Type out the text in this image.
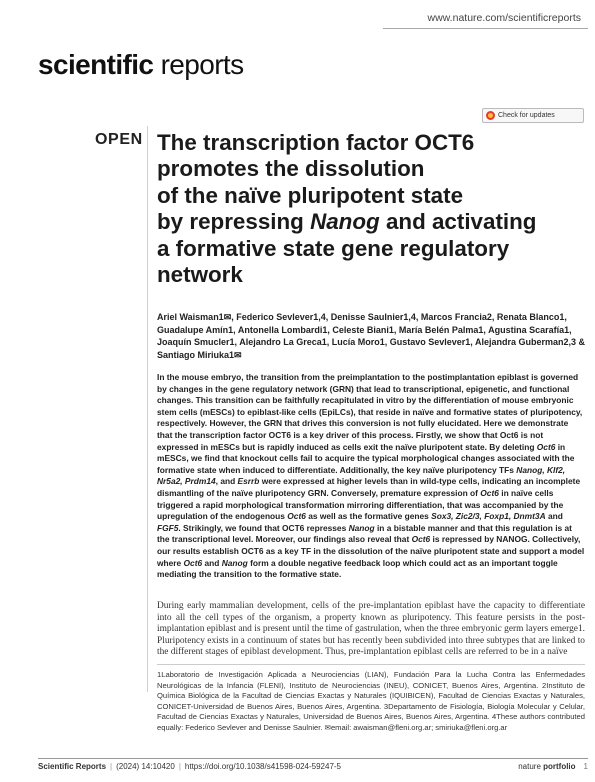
www.nature.com/scientificreports
scientific reports
Check for updates
OPEN The transcription factor OCT6
promotes the dissolution
of the naïve pluripotent state
by repressing Nanog and activating
a formative state gene regulatory
network
Ariel Waisman1✉, Federico Sevlever1,4, Denisse Saulnier1,4, Marcos Francia2, Renata Blanco1, Guadalupe Amín1, Antonella Lombardi1, Celeste Biani1, María Belén Palma1, Agustina Scarafía1, Joaquín Smucler1, Alejandro La Greca1, Lucía Moro1, Gustavo Sevlever1, Alejandra Guberman2,3 & Santiago Miriuka1✉
In the mouse embryo, the transition from the preimplantation to the postimplantation epiblast is governed by changes in the gene regulatory network (GRN) that lead to transcriptional, epigenetic, and functional changes. This transition can be faithfully recapitulated in vitro by the differentiation of mouse embryonic stem cells (mESCs) to epiblast-like cells (EpiLCs), that reside in naïve and formative states of pluripotency, respectively. However, the GRN that drives this conversion is not fully elucidated. Here we demonstrate that the transcription factor OCT6 is a key driver of this process. Firstly, we show that Oct6 is not expressed in mESCs but is rapidly induced as cells exit the naïve pluripotent state. By deleting Oct6 in mESCs, we find that knockout cells fail to acquire the typical morphological changes associated with the formative state when induced to differentiate. Additionally, the key naïve pluripotency TFs Nanog, Klf2, Nr5a2, Prdm14, and Esrrb were expressed at higher levels than in wild-type cells, indicating an incomplete dismantling of the naïve pluripotency GRN. Conversely, premature expression of Oct6 in naïve cells triggered a rapid morphological transformation mirroring differentiation, that was accompanied by the upregulation of the endogenous Oct6 as well as the formative genes Sox3, Zic2/3, Foxp1, Dnmt3A and FGF5. Strikingly, we found that OCT6 represses Nanog in a bistable manner and that this regulation is at the transcriptional level. Moreover, our findings also reveal that Oct6 is repressed by NANOG. Collectively, our results establish OCT6 as a key TF in the dissolution of the naïve pluripotent state and support a model where Oct6 and Nanog form a double negative feedback loop which could act as an important toggle mediating the transition to the formative state.
During early mammalian development, cells of the pre-implantation epiblast have the capacity to differentiate into all the cell types of the organism, a property known as pluripotency. This feature persists in the post-implantation epiblast and is present until the time of gastrulation, when the three embryonic germ layers emerge1. Pluripotency exists in a continuum of states but has recently been subdivided into three subtypes that are linked to the different stages of epiblast development. Thus, pre-implantation epiblast cells are referred to be in a naïve
1Laboratorio de Investigación Aplicada a Neurociencias (LIAN), Fundación Para la Lucha Contra las Enfermedades Neurológicas de la Infancia (FLENI), Instituto de Neurociencias (INEU), CONICET, Buenos Aires, Argentina. 2Instituto de Química Biológica de la Facultad de Ciencias Exactas y Naturales (IQUIBICEN), Facultad de Ciencias Exactas y Naturales, CONICET-Universidad de Buenos Aires, Buenos Aires, Argentina. 3Departamento de Fisiología, Biología Molecular y Celular, Facultad de Ciencias Exactas y Naturales, Universidad de Buenos Aires, Buenos Aires, Argentina. 4These authors contributed equally: Federico Sevlever and Denisse Saulnier. ✉email: awaisman@fleni.org.ar; smiriuka@fleni.org.ar
Scientific Reports | (2024) 14:10420 | https://doi.org/10.1038/s41598-024-59247-5	nature portfolio 1
